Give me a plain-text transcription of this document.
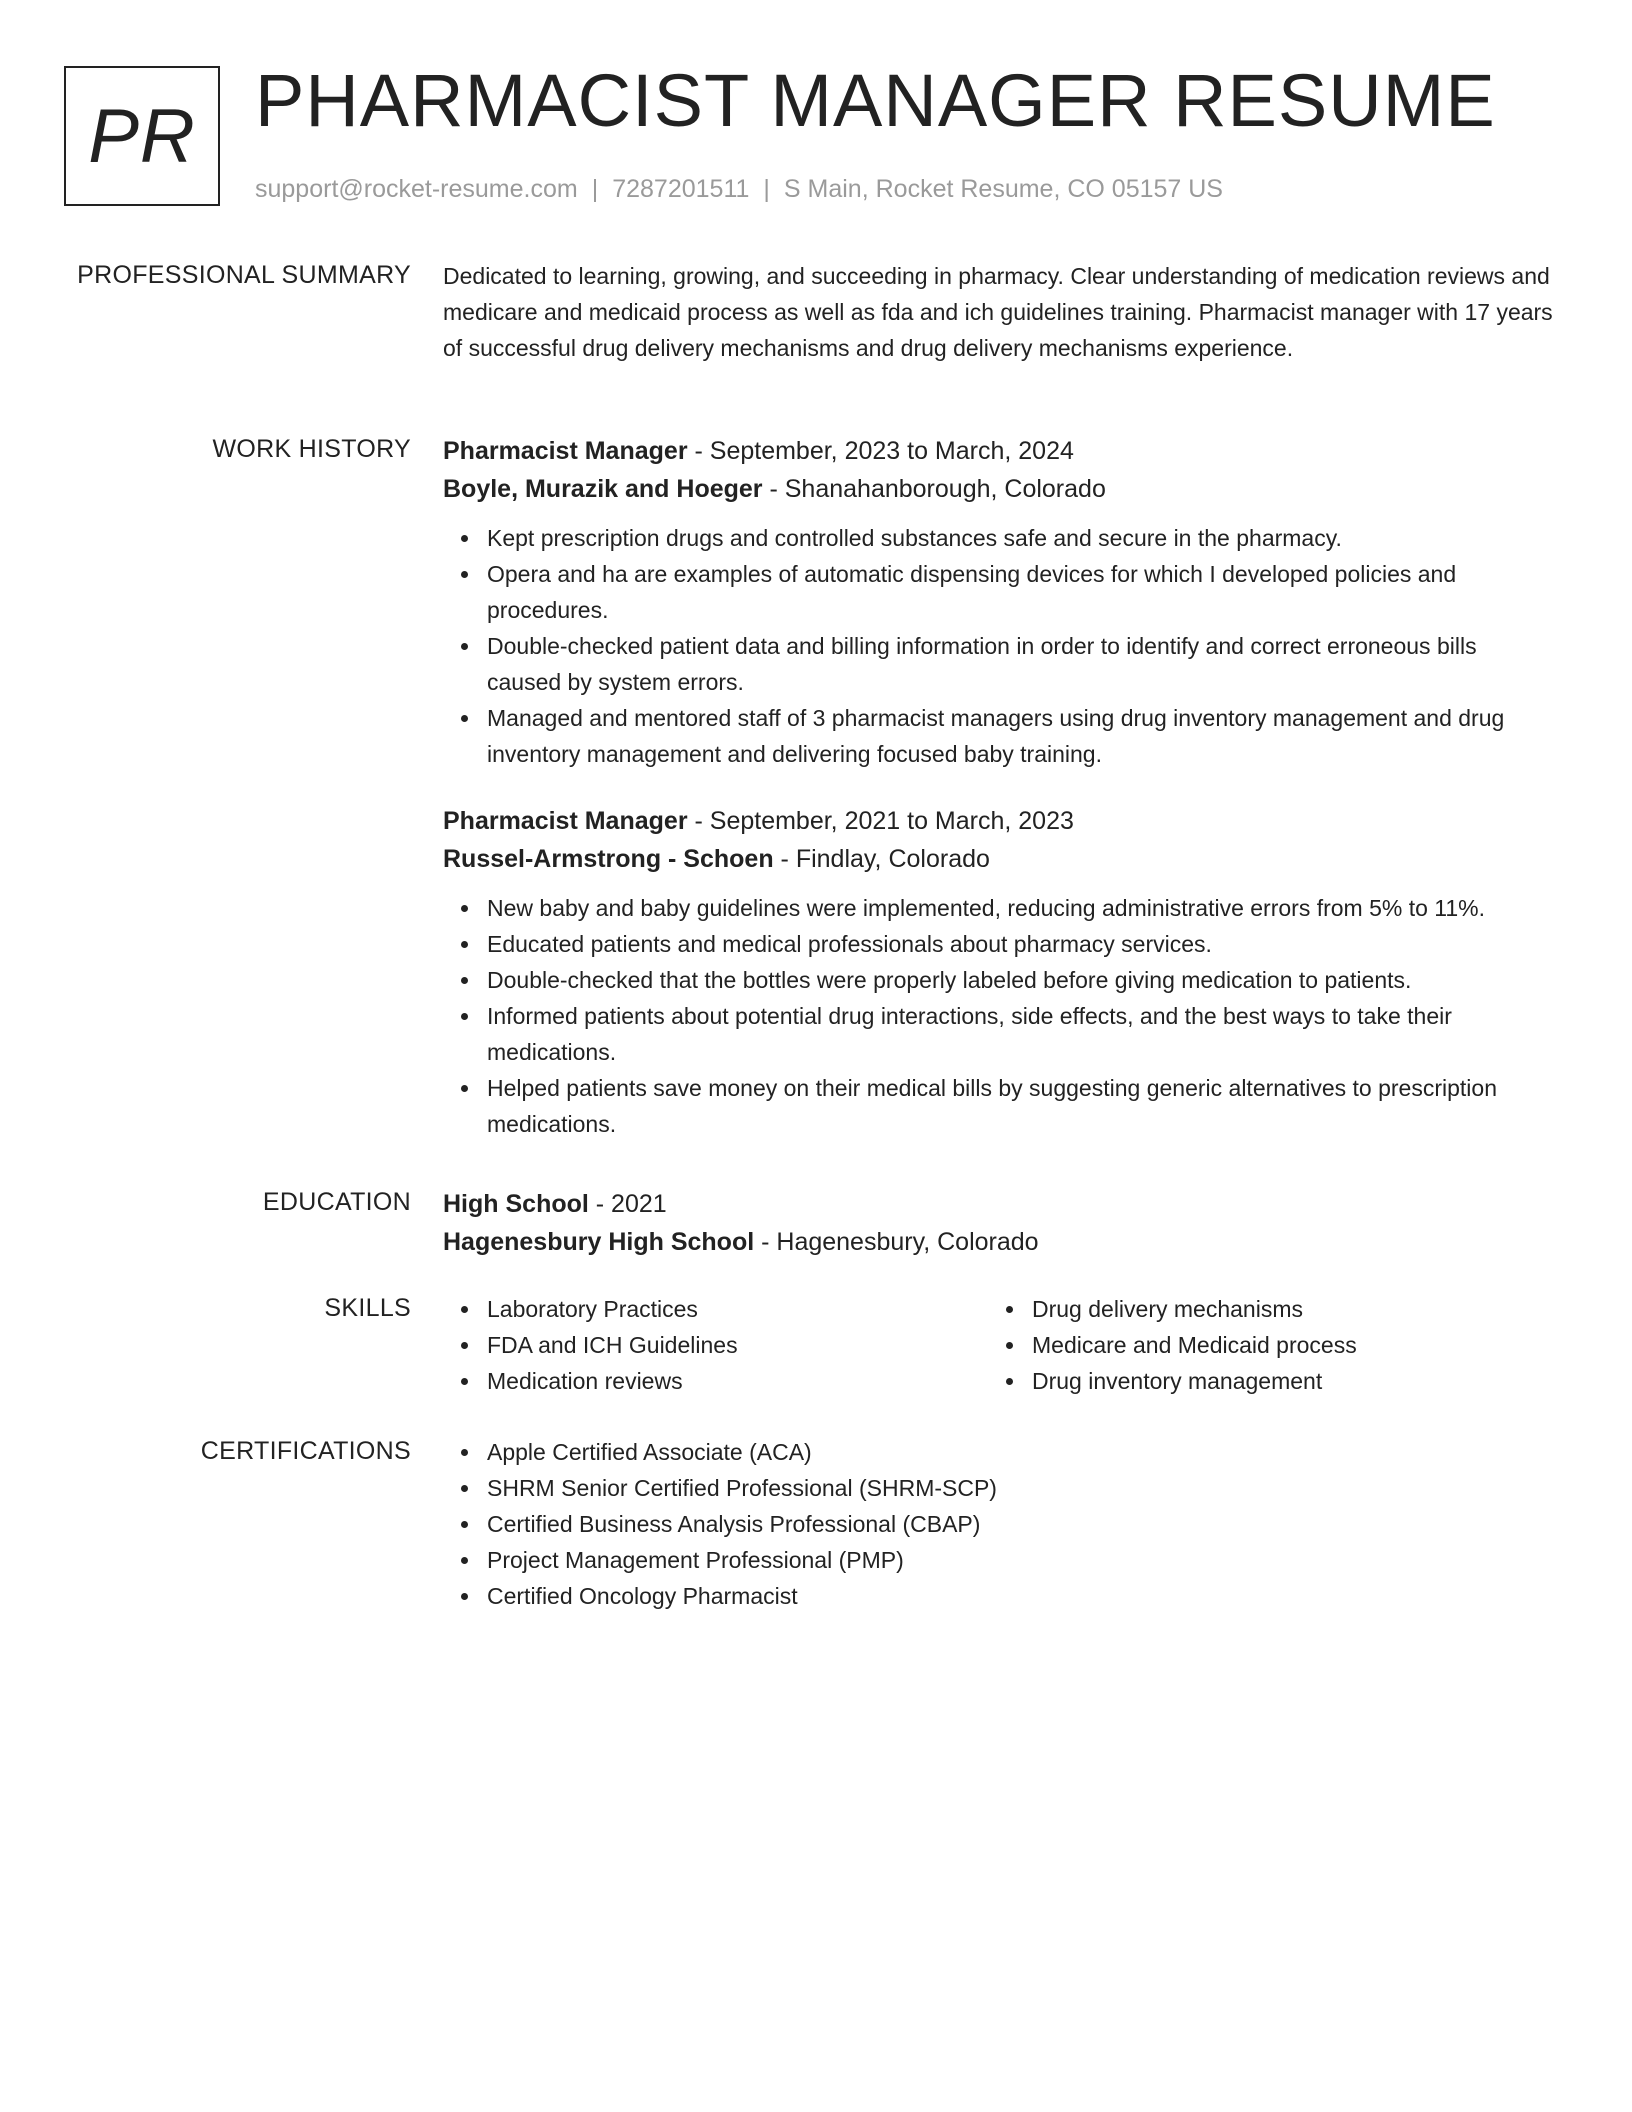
PR PHARMACIST MANAGER RESUME
support@rocket-resume.com | 7287201511 | S Main, Rocket Resume, CO 05157 US
PROFESSIONAL SUMMARY Dedicated to learning, growing, and succeeding in pharmacy. Clear understanding of medication reviews and medicare and medicaid process as well as fda and ich guidelines training. Pharmacist manager with 17 years of successful drug delivery mechanisms and drug delivery mechanisms experience.

WORK HISTORY Pharmacist Manager - September, 2023 to March, 2024
Boyle, Murazik and Hoeger - Shanahanborough, Colorado
Kept prescription drugs and controlled substances safe and secure in the pharmacy.
Opera and ha are examples of automatic dispensing devices for which I developed policies and procedures.
Double-checked patient data and billing information in order to identify and correct erroneous bills caused by system errors.
Managed and mentored staff of 3 pharmacist managers using drug inventory management and drug inventory management and delivering focused baby training.
Pharmacist Manager - September, 2021 to March, 2023
Russel-Armstrong - Schoen - Findlay, Colorado
New baby and baby guidelines were implemented, reducing administrative errors from 5% to 11%.
Educated patients and medical professionals about pharmacy services.
Double-checked that the bottles were properly labeled before giving medication to patients.
Informed patients about potential drug interactions, side effects, and the best ways to take their medications.
Helped patients save money on their medical bills by suggesting generic alternatives to prescription medications.
EDUCATION High School - 2021
Hagenesbury High School - Hagenesbury, Colorado
SKILLS	Laboratory Practices
FDA and ICH Guidelines
Medication reviews
Drug delivery mechanisms
Medicare and Medicaid process
Drug inventory management
CERTIFICATIONS	Apple Certified Associate (ACA)
SHRM Senior Certified Professional (SHRM-SCP)
Certified Business Analysis Professional (CBAP)
Project Management Professional (PMP)
Certified Oncology Pharmacist
